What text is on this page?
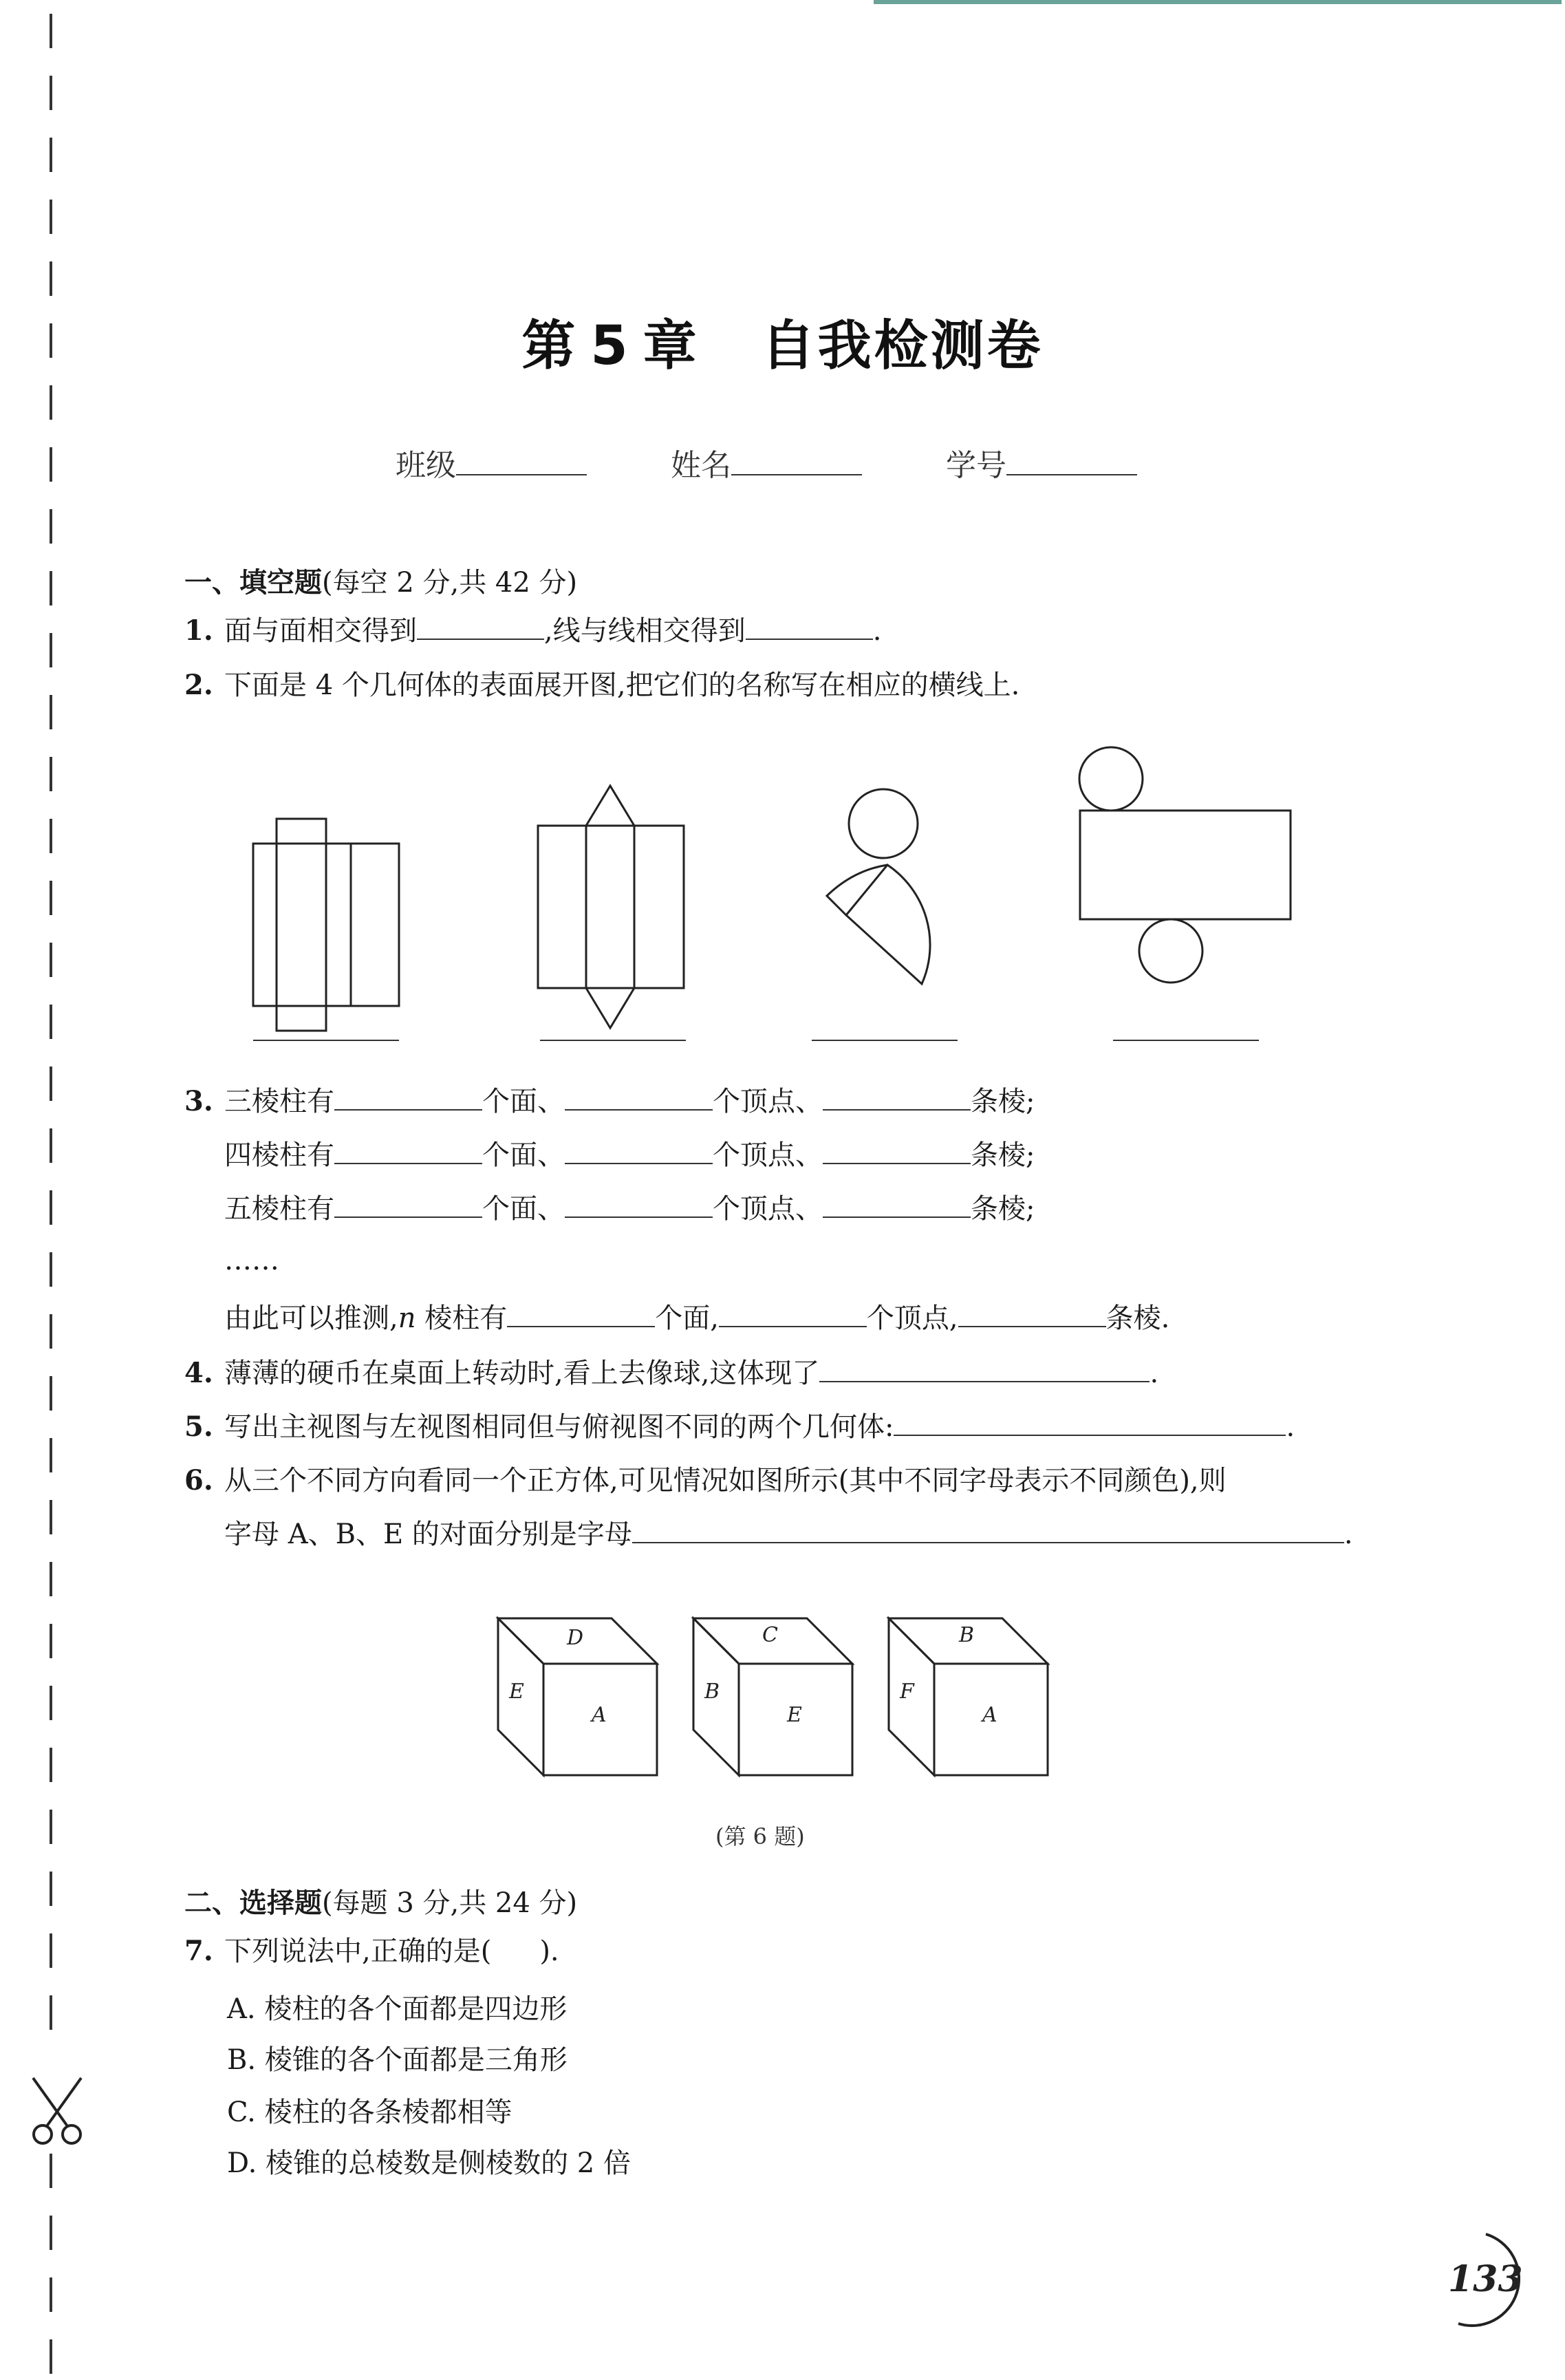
第 5 章 自我检测卷
班级	姓名	学号
一、填空题(每空 2 分,共 42 分)
1. 面与面相交得到	,线与线相交得到	.
2. 下面是 4 个几何体的表面展开图,把它们的名称写在相应的横线上.
3. 三棱柱有	个面、	个顶点、	条棱;
四棱柱有	个面、	个顶点、	条棱;
五棱柱有	个面、	个顶点、	条棱;
……
由此可以推测,n 棱柱有	个面,	个顶点,	条棱.
4. 薄薄的硬币在桌面上转动时,看上去像球,这体现了	.
5. 写出主视图与左视图相同但与俯视图不同的两个几何体:	.
6. 从三个不同方向看同一个正方体,可见情况如图所示(其中不同字母表示不同颜色),则
字母 A、B、E 的对面分别是字母	.
D
E
A
C
B
E
B
F
A
(第 6 题)
二、选择题(每题 3 分,共 24 分)
7. 下列说法中,正确的是( ).
A. 棱柱的各个面都是四边形
B. 棱锥的各个面都是三角形
C. 棱柱的各条棱都相等
D. 棱锥的总棱数是侧棱数的 2 倍
133
